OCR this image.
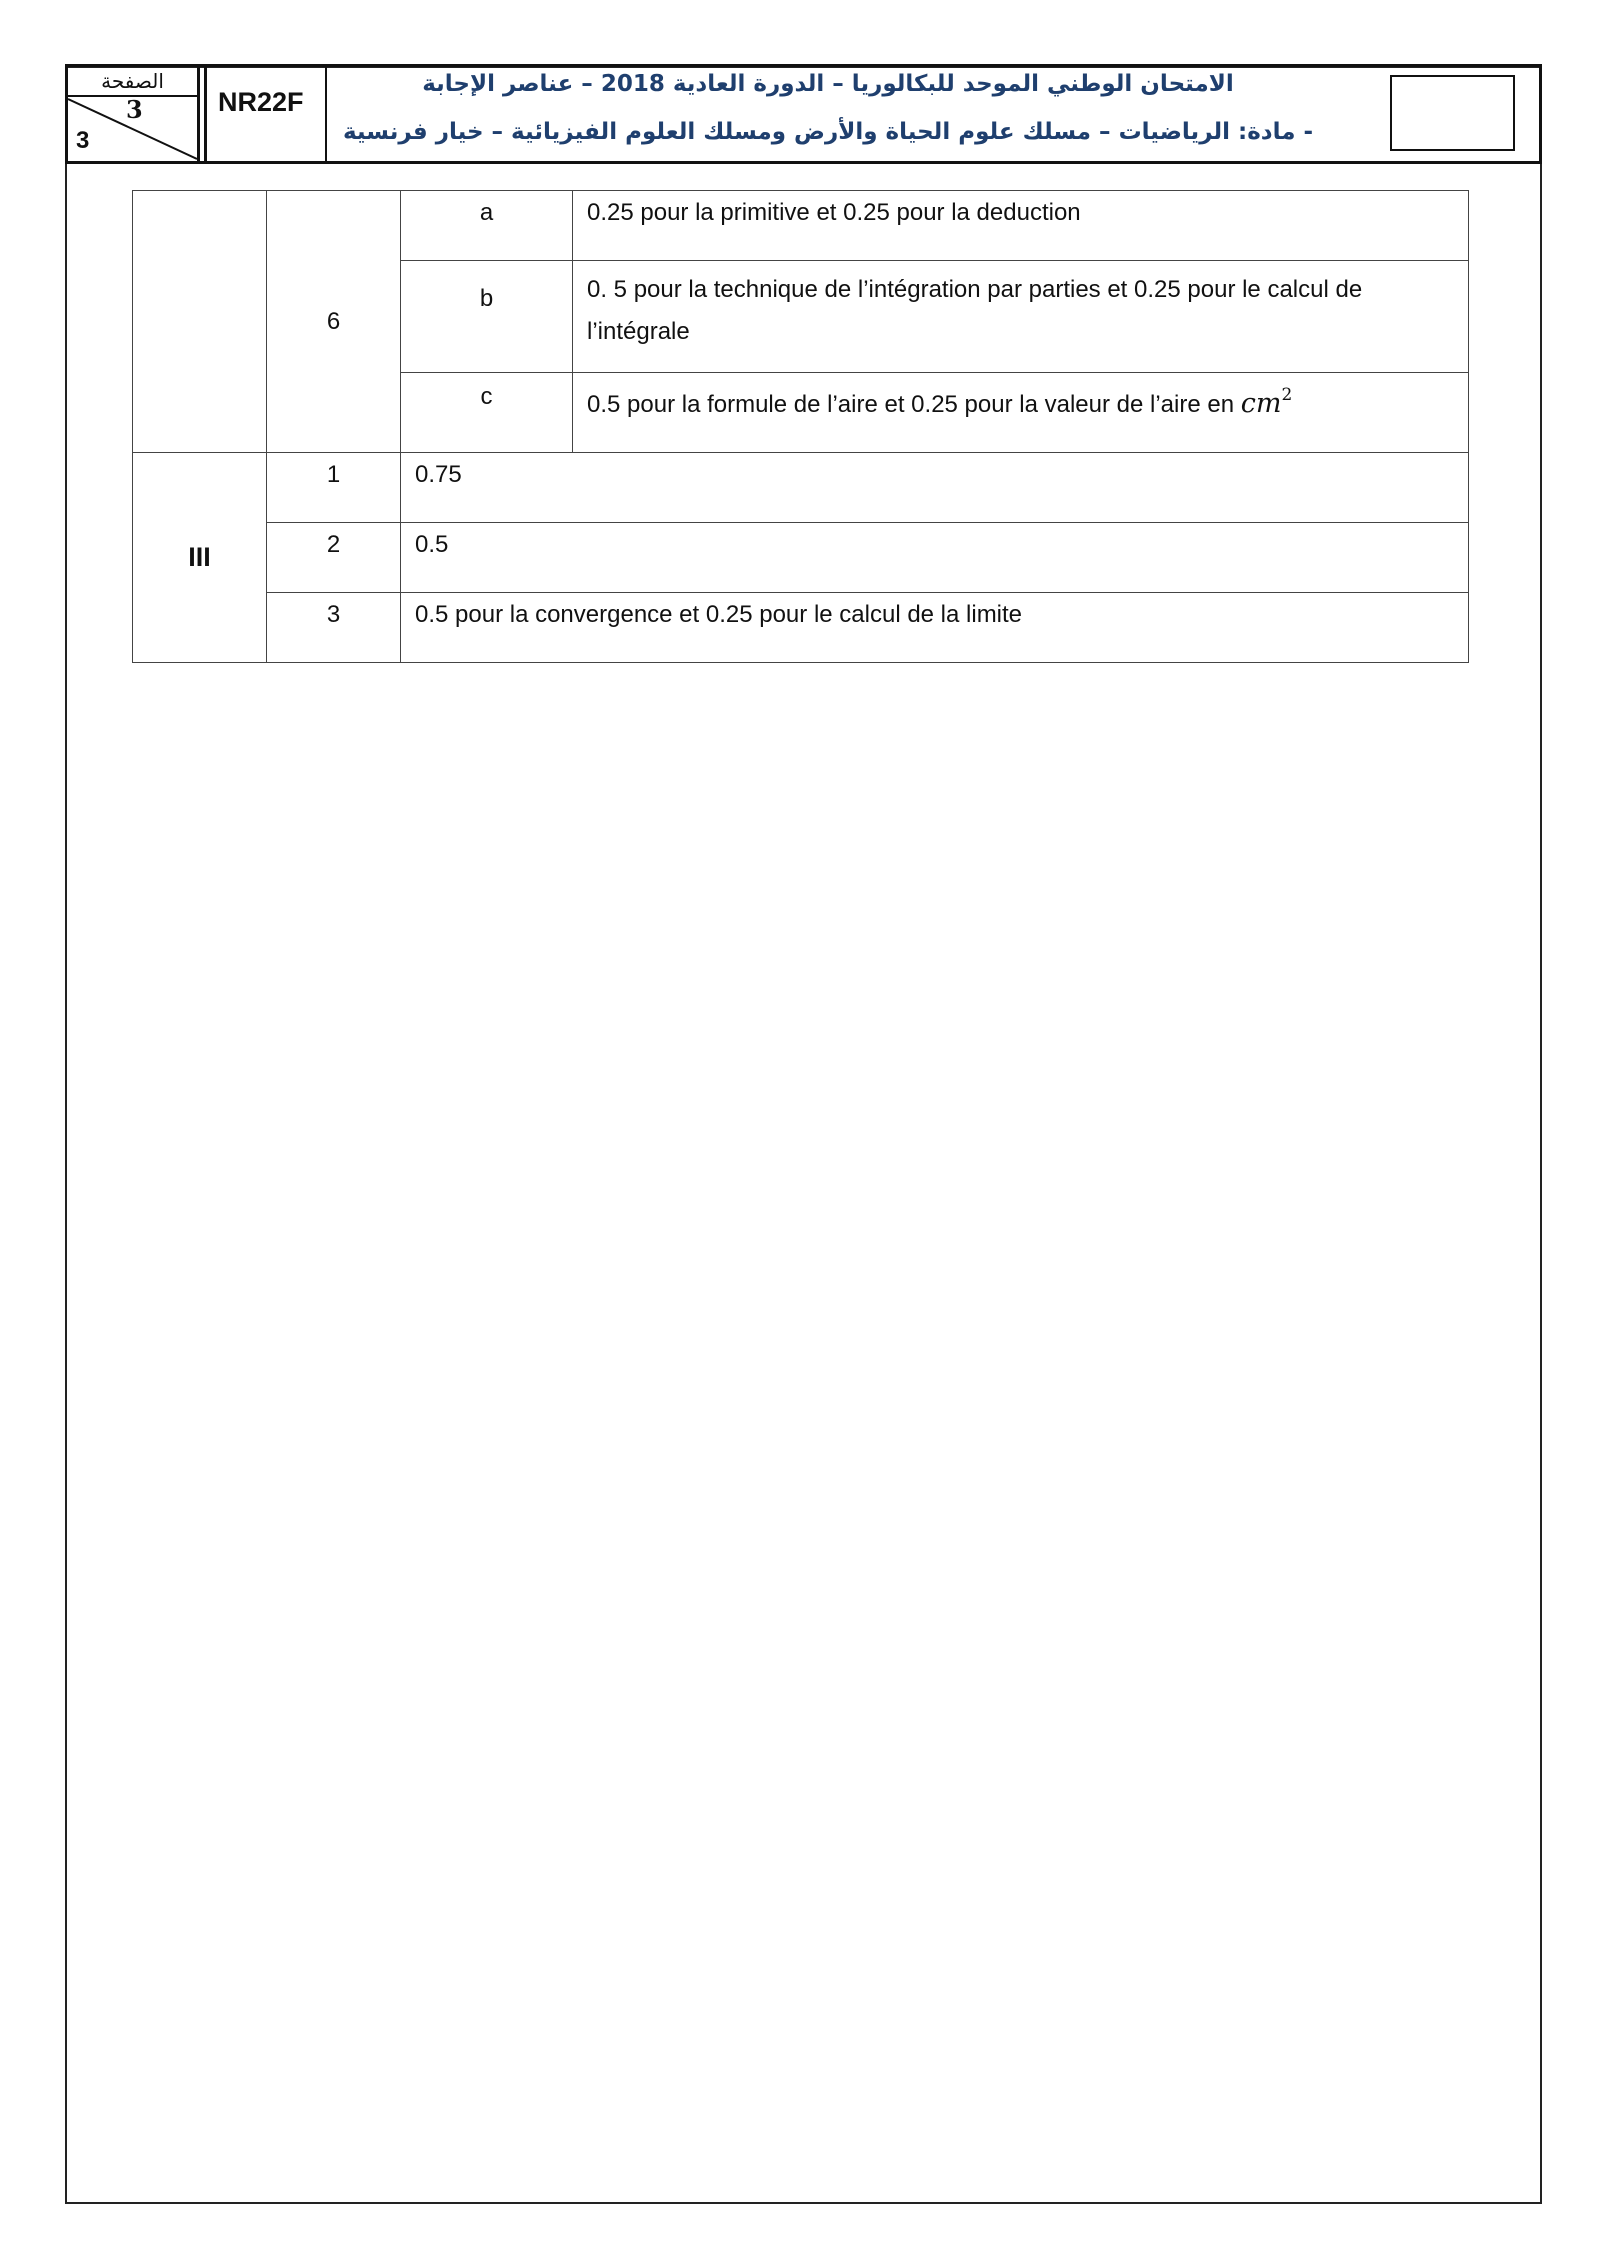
الصفحة
3
3
NR22F
الامتحان الوطني الموحد للبكالوريا – الدورة العادية 2018 – عناصر الإجابة
- مادة: الرياضيات – مسلك علوم الحياة والأرض ومسلك العلوم الفيزيائية – خيار فرنسية
	6	a	0.25 pour la primitive et 0.25 pour la deduction
		b	0. 5 pour la technique de l’intégration par parties et 0.25 pour le calcul de l’intégrale
		c	0.5 pour la formule de l’aire et 0.25 pour la valeur de l’aire en $cm^2$
III	1	0.75	
	2	0.5	
	3	0.5 pour la convergence et 0.25 pour le calcul de la limite	
